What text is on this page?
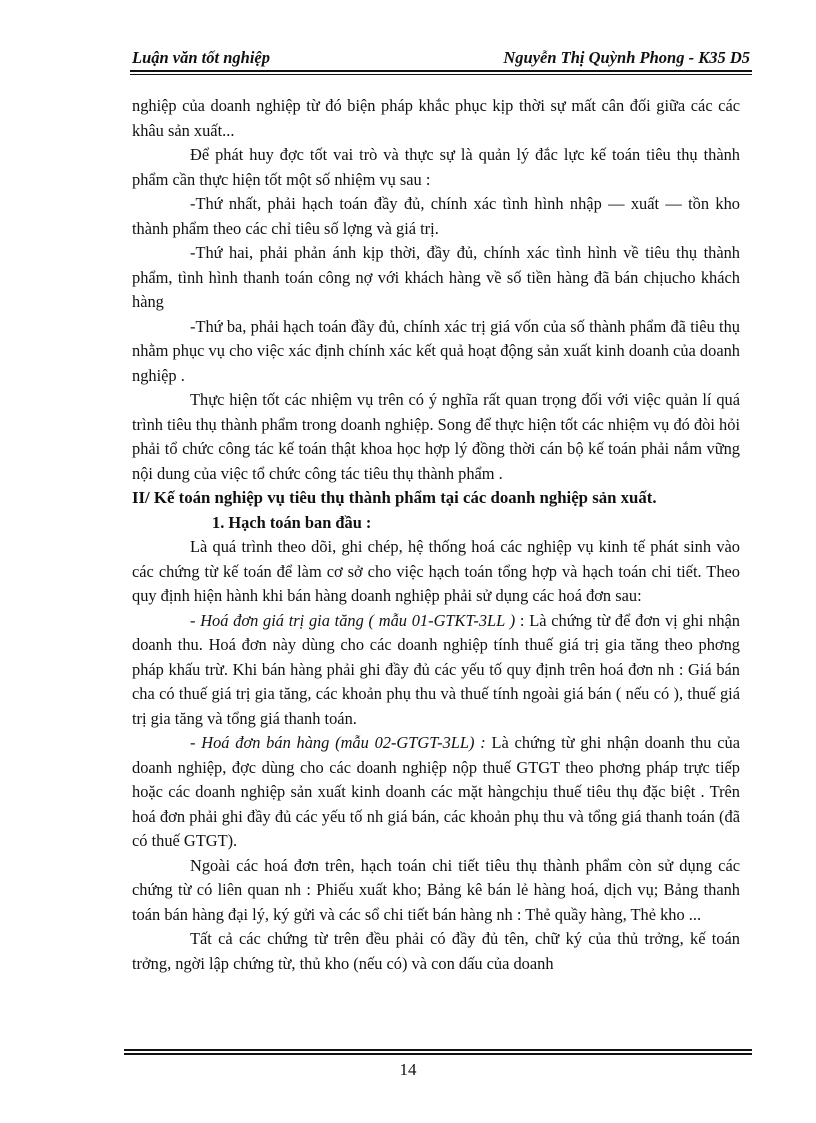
Luận văn tốt nghiệp	Nguyễn Thị Quỳnh Phong - K35 D5

nghiệp của doanh nghiệp từ đó biện pháp khắc phục kịp thời sự mất cân đối giữa các các khâu sản xuất...

Để phát huy đợc tốt vai trò và thực sự là quản lý đắc lực kế toán tiêu thụ thành phẩm cần thực hiện tốt một số nhiệm vụ sau :

-Thứ nhất, phải hạch toán đầy đủ, chính xác tình hình nhập — xuất — tồn kho thành phẩm theo các chỉ tiêu số lợng và giá trị.

-Thứ hai, phải phản ánh kịp thời, đầy đủ, chính xác tình hình về tiêu thụ thành phẩm, tình hình thanh toán công nợ với khách hàng về số tiền hàng đã bán chịucho khách hàng

-Thứ ba, phải hạch toán đầy đủ, chính xác trị giá vốn của số thành phẩm đã tiêu thụ nhằm phục vụ cho việc xác định chính xác kết quả hoạt động sản xuất kinh doanh của doanh nghiệp .

Thực hiện tốt các nhiệm vụ trên có ý nghĩa rất quan trọng đối với việc quản lí quá trình tiêu thụ thành phẩm trong doanh nghiệp. Song để thực hiện tốt các nhiệm vụ đó đòi hỏi phải tổ chức công tác kế toán thật khoa học hợp lý đồng thời cán bộ kế toán phải nắm vững nội dung của việc tổ chức công tác tiêu thụ thành phẩm .

II/ Kế toán nghiệp vụ tiêu thụ thành phẩm tại các doanh nghiệp sản xuất.

1. Hạch toán ban đầu :

Là quá trình theo dõi, ghi chép, hệ thống hoá các nghiệp vụ kinh tế phát sinh vào các chứng từ kế toán để làm cơ sở cho việc hạch toán tổng hợp và hạch toán chi tiết. Theo quy định hiện hành khi bán hàng doanh nghiệp phải sử dụng các hoá đơn sau:

- Hoá đơn giá trị gia tăng ( mẫu 01-GTKT-3LL ) : Là chứng từ để đơn vị ghi nhận doanh thu. Hoá đơn này dùng cho các doanh nghiệp tính thuế giá trị gia tăng theo phơng pháp khấu trừ. Khi bán hàng phải ghi đầy đủ các yếu tố quy định trên hoá đơn nh : Giá bán cha có thuế giá trị gia tăng, các khoản phụ thu và thuế tính ngoài giá bán ( nếu có ), thuế giá trị gia tăng và tổng giá thanh toán.

- Hoá đơn bán hàng (mẫu 02-GTGT-3LL) : Là chứng từ ghi nhận doanh thu của doanh nghiệp, đợc dùng cho các doanh nghiệp nộp thuế GTGT theo phơng pháp trực tiếp hoặc các doanh nghiệp sản xuất kinh doanh các mặt hàngchịu thuế tiêu thụ đặc biệt . Trên hoá đơn phải ghi đầy đủ các yếu tố nh giá bán, các khoản phụ thu và tổng giá thanh toán (đã có thuế GTGT).

Ngoài các hoá đơn trên, hạch toán chi tiết tiêu thụ thành phẩm còn sử dụng các chứng từ có liên quan nh : Phiếu xuất kho; Bảng kê bán lẻ hàng hoá, dịch vụ; Bảng thanh toán bán hàng đại lý, ký gửi và các sổ chi tiết bán hàng nh : Thẻ quầy hàng, Thẻ kho ...

Tất cả các chứng từ trên đều phải có đầy đủ tên, chữ ký của thủ trởng, kế toán trởng, ngời lập chứng từ, thủ kho (nếu có) và con dấu của doanh

14
